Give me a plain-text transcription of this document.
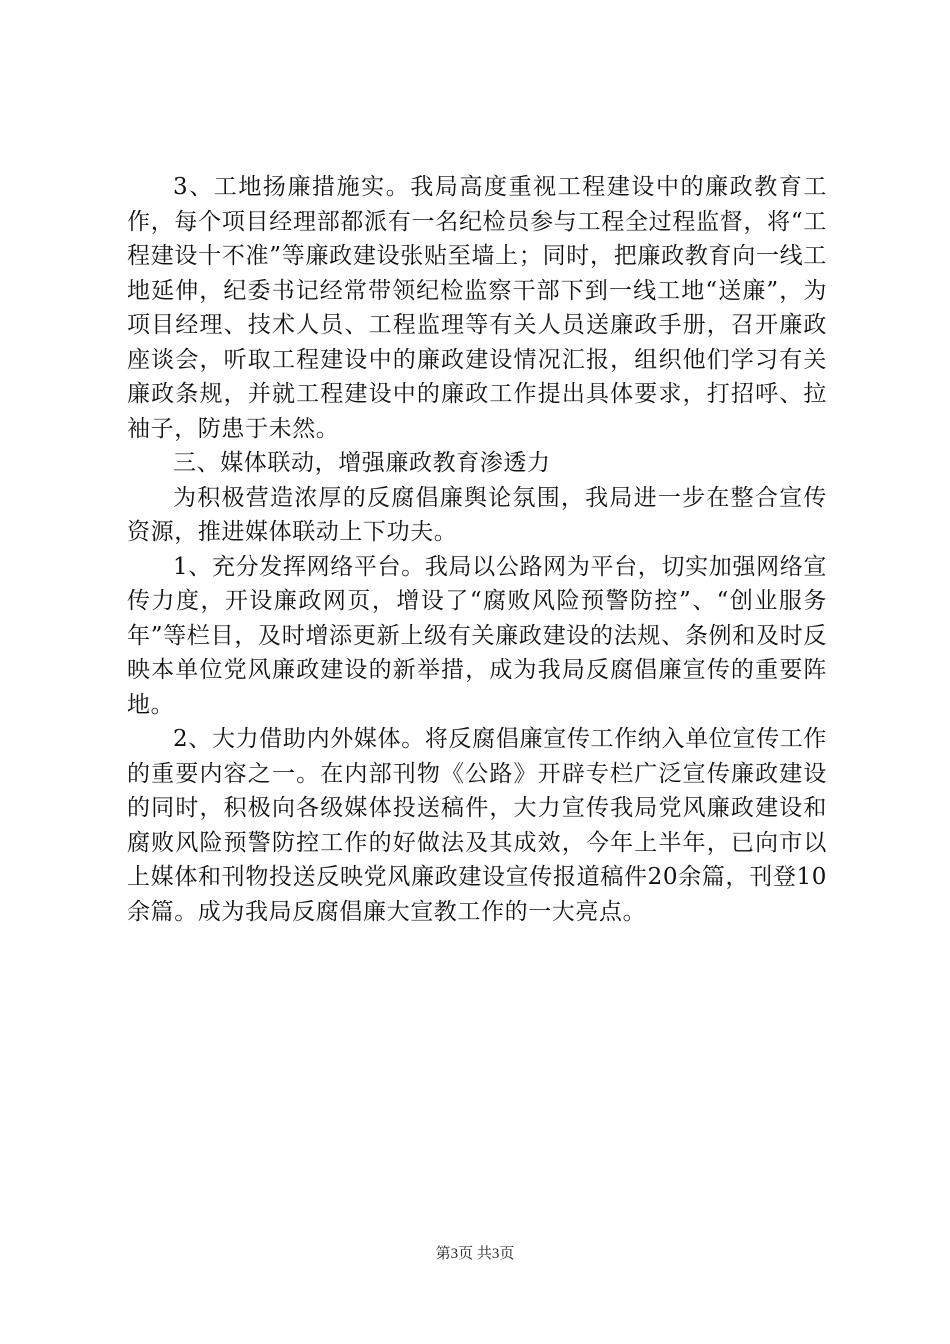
3、工地扬廉措施实。我局高度重视工程建设中的廉政教育工作，每个项目经理部都派有一名纪检员参与工程全过程监督，将“工程建设十不准”等廉政建设张贴至墙上；同时，把廉政教育向一线工地延伸，纪委书记经常带领纪检监察干部下到一线工地“送廉”，为项目经理、技术人员、工程监理等有关人员送廉政手册，召开廉政座谈会，听取工程建设中的廉政建设情况汇报，组织他们学习有关廉政条规，并就工程建设中的廉政工作提出具体要求，打招呼、拉袖子，防患于未然。

三、媒体联动，增强廉政教育渗透力

为积极营造浓厚的反腐倡廉舆论氛围，我局进一步在整合宣传资源，推进媒体联动上下功夫。

1、充分发挥网络平台。我局以公路网为平台，切实加强网络宣传力度，开设廉政网页，增设了“腐败风险预警防控”、“创业服务年”等栏目，及时增添更新上级有关廉政建设的法规、条例和及时反映本单位党风廉政建设的新举措，成为我局反腐倡廉宣传的重要阵地。

2、大力借助内外媒体。将反腐倡廉宣传工作纳入单位宣传工作的重要内容之一。在内部刊物《公路》开辟专栏广泛宣传廉政建设的同时，积极向各级媒体投送稿件，大力宣传我局党风廉政建设和腐败风险预警防控工作的好做法及其成效，今年上半年，已向市以上媒体和刊物投送反映党风廉政建设宣传报道稿件20余篇，刊登10余篇。成为我局反腐倡廉大宣教工作的一大亮点。

第3页 共3页
